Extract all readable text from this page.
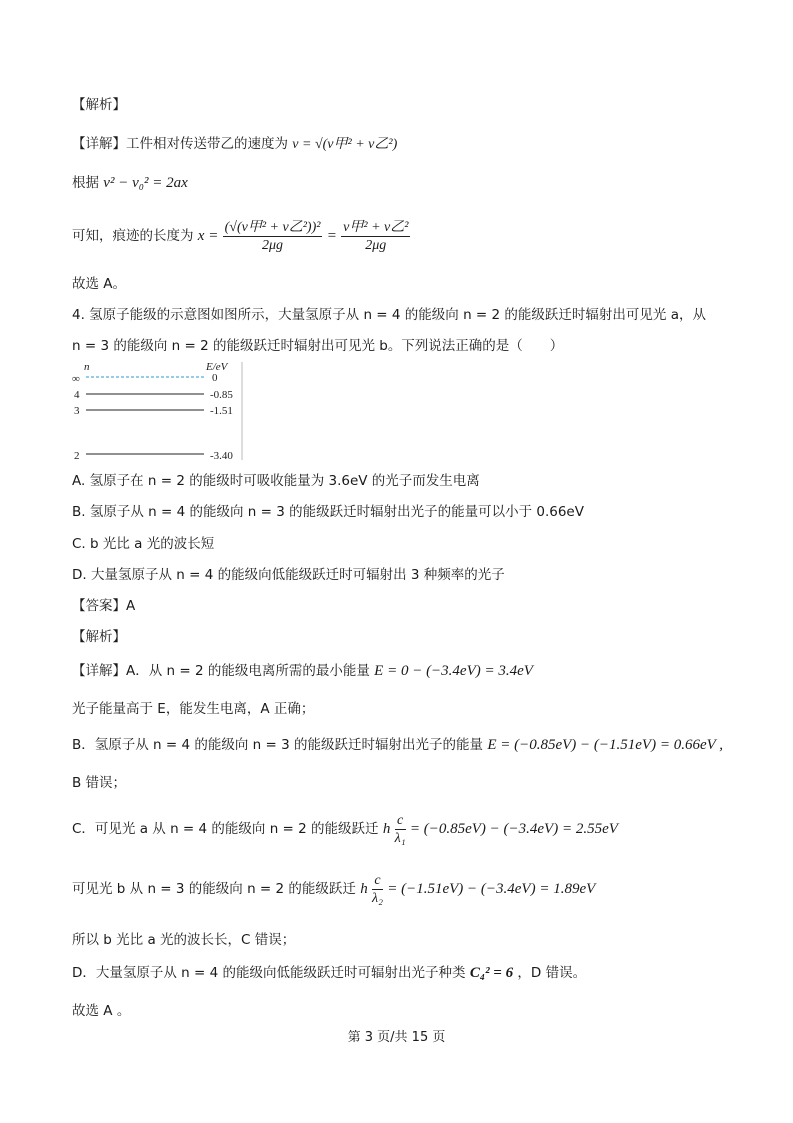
【解析】
【详解】工件相对传送带乙的速度为 v = √(v甲² + v乙²)
根据 v² − v₀² = 2ax
可知，痕迹的长度为 $x = \frac{\text{(√(v甲² + v乙²))²}}{2\mu g} = \frac{\text{v甲² + v乙²}}{2\mu g}$
故选 A。
4. 氢原子能级的示意图如图所示，大量氢原子从 n = 4 的能级向 n = 2 的能级跃迁时辐射出可见光 a，从
n = 3 的能级向 n = 2 的能级跃迁时辐射出可见光 b。下列说法正确的是（　　）
n	E/eV
∞	0
4	-0.85
3	-1.51
2	-3.40
A. 氢原子在 n = 2 的能级时可吸收能量为 3.6eV 的光子而发生电离
B. 氢原子从 n = 4 的能级向 n = 3 的能级跃迁时辐射出光子的能量可以小于 0.66eV
C. b 光比 a 光的波长短
D. 大量氢原子从 n = 4 的能级向低能级跃迁时可辐射出 3 种频率的光子
【答案】A
【解析】
【详解】A．从 n = 2 的能级电离所需的最小能量 E = 0 − (−3.4eV) = 3.4eV
光子能量高于 E，能发生电离，A 正确；
B．氢原子从 n = 4 的能级向 n = 3 的能级跃迁时辐射出光子的能量 E = (−0.85eV) − (−1.51eV) = 0.66eV ,
B 错误；
C．可见光 a 从 n = 4 的能级向 n = 2 的能级跃迁 h $\frac{c}{\text{λ₁}} = (-0.85eV) - (-3.4eV) = 2.55eV$
可见光 b 从 n = 3 的能级向 n = 2 的能级跃迁 h $\frac{c}{\text{λ₂}} = (-1.51eV) - (-3.4eV) = 1.89eV$
所以 b 光比 a 光的波长长，C 错误；
D．大量氢原子从 n = 4 的能级向低能级跃迁时可辐射出光子种类 C₄² = 6 ，D 错误。
故选 A 。
第 3 页/共 15 页
